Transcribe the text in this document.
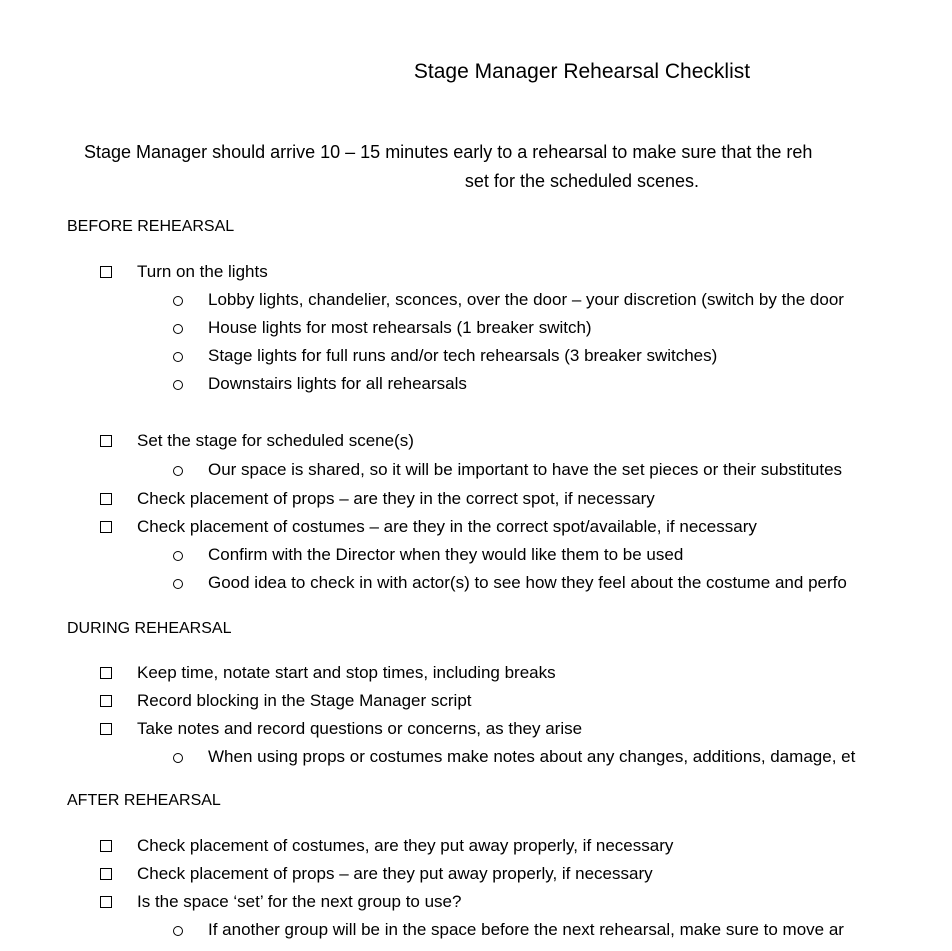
Stage Manager Rehearsal Checklist
Stage Manager should arrive 10 – 15 minutes early to a rehearsal to make sure that the reh
set for the scheduled scenes.
BEFORE REHEARSAL
Turn on the lights
Lobby lights, chandelier, sconces, over the door – your discretion (switch by the door
House lights for most rehearsals (1 breaker switch)
Stage lights for full runs and/or tech rehearsals (3 breaker switches)
Downstairs lights for all rehearsals
Set the stage for scheduled scene(s)
Our space is shared, so it will be important to have the set pieces or their substitutes
Check placement of props – are they in the correct spot, if necessary
Check placement of costumes – are they in the correct spot/available, if necessary
Confirm with the Director when they would like them to be used
Good idea to check in with actor(s) to see how they feel about the costume and perfo
DURING REHEARSAL
Keep time, notate start and stop times, including breaks
Record blocking in the Stage Manager script
Take notes and record questions or concerns, as they arise
When using props or costumes make notes about any changes, additions, damage, et
AFTER REHEARSAL
Check placement of costumes, are they put away properly, if necessary
Check placement of props – are they put away properly, if necessary
Is the space ‘set’ for the next group to use?
If another group will be in the space before the next rehearsal, make sure to move ar
